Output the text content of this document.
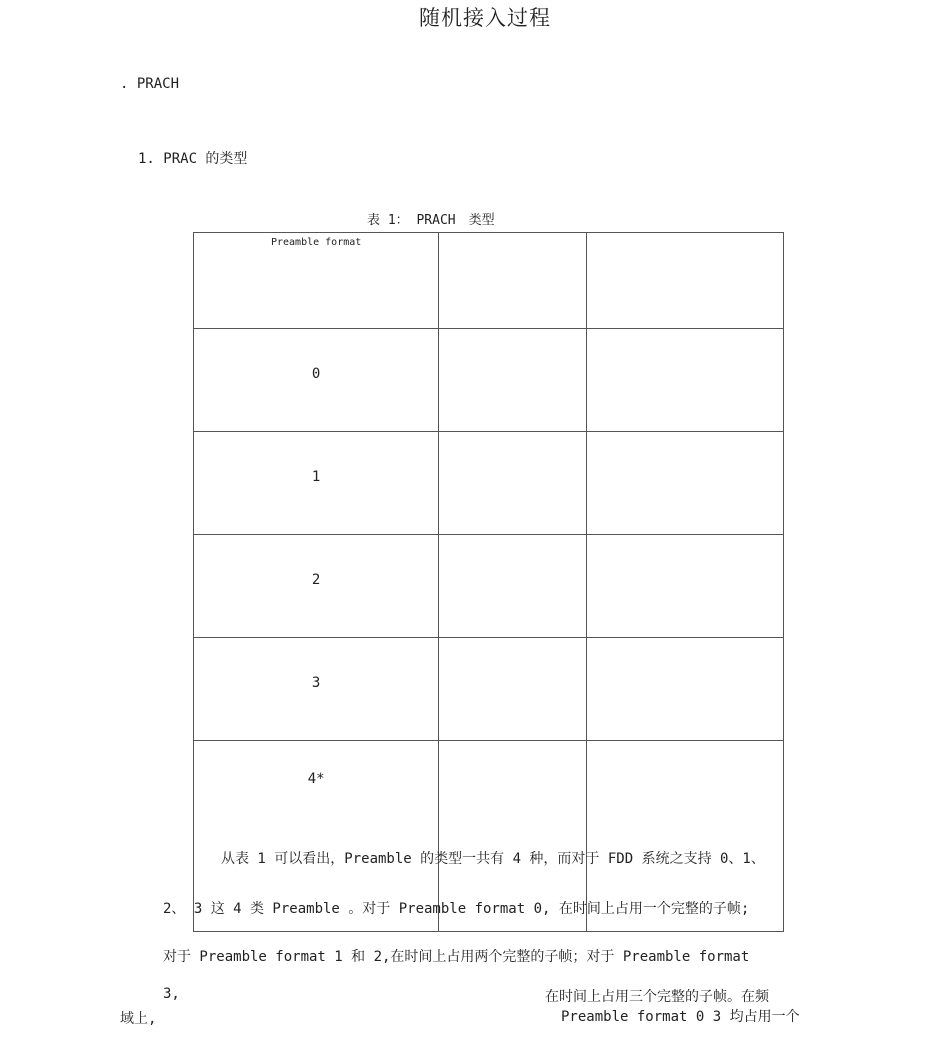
随机接入过程
. PRACH
1. PRAC 的类型
表 1： PRACH　类型
Preamble format		
0		
1		
2		
3		
4*		
从表 1 可以看出，Preamble 的类型一共有 4 种，而对于 FDD 系统之支持 0、1、
2、 3 这 4 类 Preamble 。对于 Preamble format 0, 在时间上占用一个完整的子帧;
对于 Preamble format 1 和 2,在时间上占用两个完整的子帧；对于 Preamble format
3,	在时间上占用三个完整的子帧。在频
域上,	Preamble format 0 3 均占用一个
